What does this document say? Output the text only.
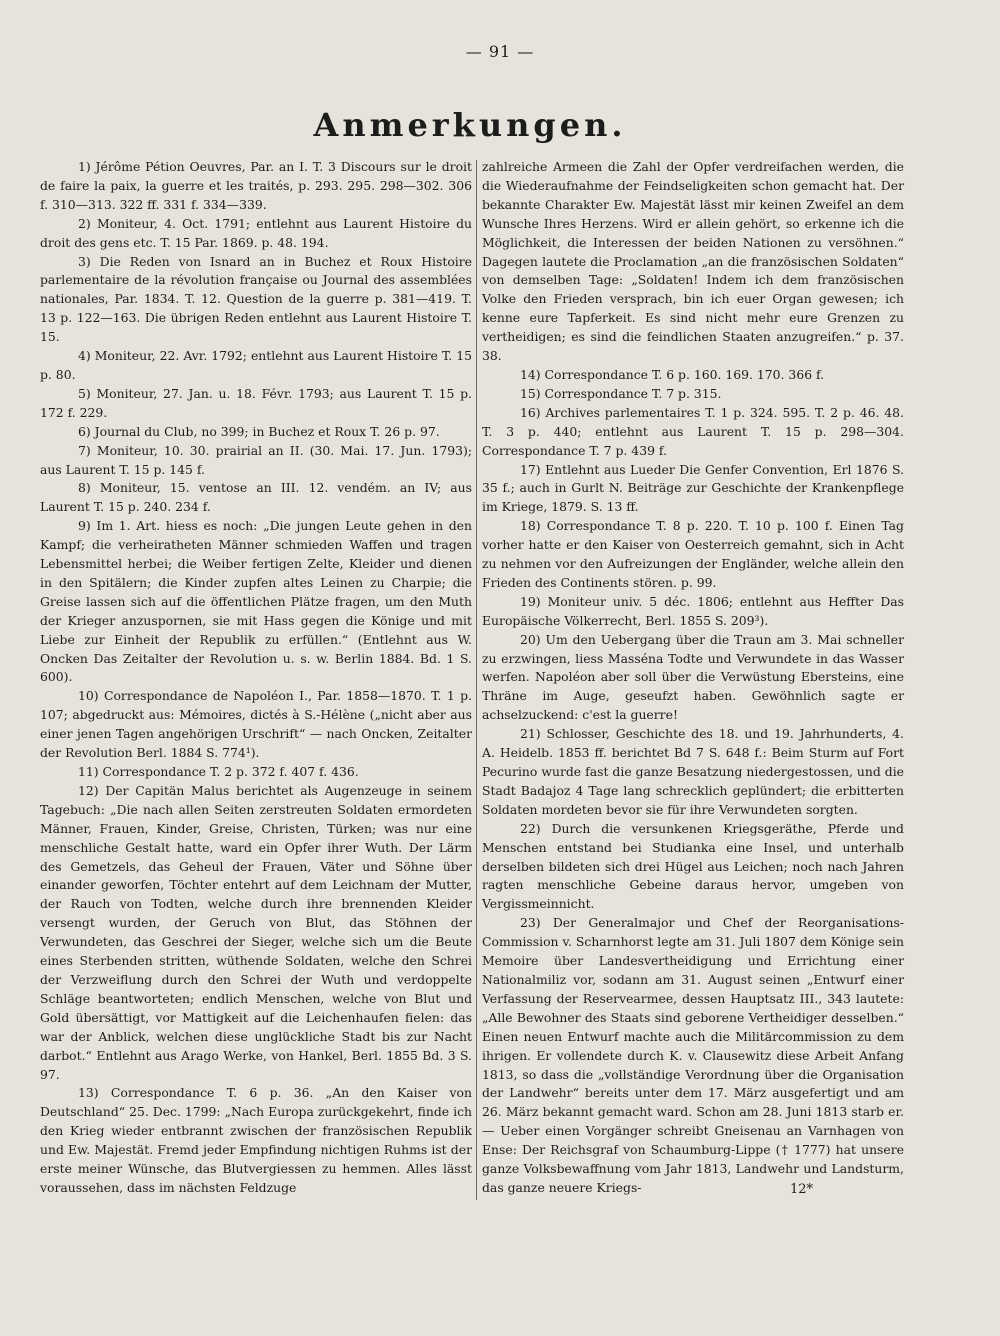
— 91 —
Anmerkungen.

1) Jérôme Pétion Oeuvres, Par. an I. T. 3 Discours sur le droit de faire la paix, la guerre et les traités, p. 293. 295. 298—302. 306 f. 310—313. 322 ff. 331 f. 334—339.

2) Moniteur, 4. Oct. 1791; entlehnt aus Laurent Histoire du droit des gens etc. T. 15 Par. 1869. p. 48. 194.

3) Die Reden von Isnard an in Buchez et Roux Histoire parlementaire de la révolution française ou Journal des assemblées nationales, Par. 1834. T. 12. Question de la guerre p. 381—419. T. 13 p. 122—163. Die übrigen Reden entlehnt aus Laurent Histoire T. 15.

4) Moniteur, 22. Avr. 1792; entlehnt aus Laurent Histoire T. 15 p. 80.

5) Moniteur, 27. Jan. u. 18. Févr. 1793; aus Laurent T. 15 p. 172 f. 229.

6) Journal du Club, no 399; in Buchez et Roux T. 26 p. 97.

7) Moniteur, 10. 30. prairial an II. (30. Mai. 17. Jun. 1793); aus Laurent T. 15 p. 145 f.

8) Moniteur, 15. ventose an III. 12. vendém. an IV; aus Laurent T. 15 p. 240. 234 f.

9) Im 1. Art. hiess es noch: „Die jungen Leute gehen in den Kampf; die verheiratheten Männer schmieden Waffen und tragen Lebensmittel herbei; die Weiber fertigen Zelte, Kleider und dienen in den Spitälern; die Kinder zupfen altes Leinen zu Charpie; die Greise lassen sich auf die öffentlichen Plätze fragen, um den Muth der Krieger anzuspornen, sie mit Hass gegen die Könige und mit Liebe zur Einheit der Republik zu erfüllen.“ (Entlehnt aus W. Oncken Das Zeitalter der Revolution u. s. w. Berlin 1884. Bd. 1 S. 600).

10) Correspondance de Napoléon I., Par. 1858—1870. T. 1 p. 107; abgedruckt aus: Mémoires, dictés à S.-Hélène („nicht aber aus einer jenen Tagen angehörigen Urschrift“ — nach Oncken, Zeitalter der Revolution Berl. 1884 S. 774¹).

11) Correspondance T. 2 p. 372 f. 407 f. 436.

12) Der Capitän Malus berichtet als Augenzeuge in seinem Tagebuch: „Die nach allen Seiten zerstreuten Soldaten ermordeten Männer, Frauen, Kinder, Greise, Christen, Türken; was nur eine menschliche Gestalt hatte, ward ein Opfer ihrer Wuth. Der Lärm des Gemetzels, das Geheul der Frauen, Väter und Söhne über einander geworfen, Töchter entehrt auf dem Leichnam der Mutter, der Rauch von Todten, welche durch ihre brennenden Kleider versengt wurden, der Geruch von Blut, das Stöhnen der Verwundeten, das Geschrei der Sieger, welche sich um die Beute eines Sterbenden stritten, wüthende Soldaten, welche den Schrei der Verzweiflung durch den Schrei der Wuth und verdoppelte Schläge beantworteten; endlich Menschen, welche von Blut und Gold übersättigt, vor Mattigkeit auf die Leichenhaufen fielen: das war der Anblick, welchen diese unglückliche Stadt bis zur Nacht darbot.“ Entlehnt aus Arago Werke, von Hankel, Berl. 1855 Bd. 3 S. 97.

13) Correspondance T. 6 p. 36. „An den Kaiser von Deutschland“ 25. Dec. 1799: „Nach Europa zurückgekehrt, finde ich den Krieg wieder entbrannt zwischen der französischen Republik und Ew. Majestät. Fremd jeder Empfindung nichtigen Ruhms ist der erste meiner Wünsche, das Blutvergiessen zu hemmen. Alles lässt voraussehen, dass im nächsten Feldzuge

zahlreiche Armeen die Zahl der Opfer verdreifachen werden, die die Wiederaufnahme der Feindseligkeiten schon gemacht hat. Der bekannte Charakter Ew. Majestät lässt mir keinen Zweifel an dem Wunsche Ihres Herzens. Wird er allein gehört, so erkenne ich die Möglichkeit, die Interessen der beiden Nationen zu versöhnen.“ Dagegen lautete die Proclamation „an die französischen Soldaten“ von demselben Tage: „Soldaten! Indem ich dem französischen Volke den Frieden versprach, bin ich euer Organ gewesen; ich kenne eure Tapferkeit. Es sind nicht mehr eure Grenzen zu vertheidigen; es sind die feindlichen Staaten anzugreifen.“ p. 37. 38.

14) Correspondance T. 6 p. 160. 169. 170. 366 f.

15) Correspondance T. 7 p. 315.

16) Archives parlementaires T. 1 p. 324. 595. T. 2 p. 46. 48. T. 3 p. 440; entlehnt aus Laurent T. 15 p. 298—304. Correspondance T. 7 p. 439 f.

17) Entlehnt aus Lueder Die Genfer Convention, Erl 1876 S. 35 f.; auch in Gurlt N. Beiträge zur Geschichte der Krankenpflege im Kriege, 1879. S. 13 ff.

18) Correspondance T. 8 p. 220. T. 10 p. 100 f. Einen Tag vorher hatte er den Kaiser von Oesterreich gemahnt, sich in Acht zu nehmen vor den Aufreizungen der Engländer, welche allein den Frieden des Continents stören. p. 99.

19) Moniteur univ. 5 déc. 1806; entlehnt aus Heffter Das Europäische Völkerrecht, Berl. 1855 S. 209³).

20) Um den Uebergang über die Traun am 3. Mai schneller zu erzwingen, liess Masséna Todte und Verwundete in das Wasser werfen. Napoléon aber soll über die Verwüstung Ebersteins, eine Thräne im Auge, geseufzt haben. Gewöhnlich sagte er achselzuckend: c'est la guerre!

21) Schlosser, Geschichte des 18. und 19. Jahrhunderts, 4. A. Heidelb. 1853 ff. berichtet Bd 7 S. 648 f.: Beim Sturm auf Fort Pecurino wurde fast die ganze Besatzung niedergestossen, und die Stadt Badajoz 4 Tage lang schrecklich geplündert; die erbitterten Soldaten mordeten bevor sie für ihre Verwundeten sorgten.

22) Durch die versunkenen Kriegsgeräthe, Pferde und Menschen entstand bei Studianka eine Insel, und unterhalb derselben bildeten sich drei Hügel aus Leichen; noch nach Jahren ragten menschliche Gebeine daraus hervor, umgeben von Vergissmeinnicht.

23) Der Generalmajor und Chef der Reorganisations-Commission v. Scharnhorst legte am 31. Juli 1807 dem Könige sein Memoire über Landesvertheidigung und Errichtung einer Nationalmiliz vor, sodann am 31. August seinen „Entwurf einer Verfassung der Reservearmee, dessen Hauptsatz III., 343 lautete: „Alle Bewohner des Staats sind geborene Vertheidiger desselben.“ Einen neuen Entwurf machte auch die Militärcommission zu dem ihrigen. Er vollendete durch K. v. Clausewitz diese Arbeit Anfang 1813, so dass die „vollständige Verordnung über die Organisation der Landwehr“ bereits unter dem 17. März ausgefertigt und am 26. März bekannt gemacht ward. Schon am 28. Juni 1813 starb er. — Ueber einen Vorgänger schreibt Gneisenau an Varnhagen von Ense: Der Reichsgraf von Schaumburg-Lippe († 1777) hat unsere ganze Volksbewaffnung vom Jahr 1813, Landwehr und Landsturm, das ganze neuere Kriegs-	12*
